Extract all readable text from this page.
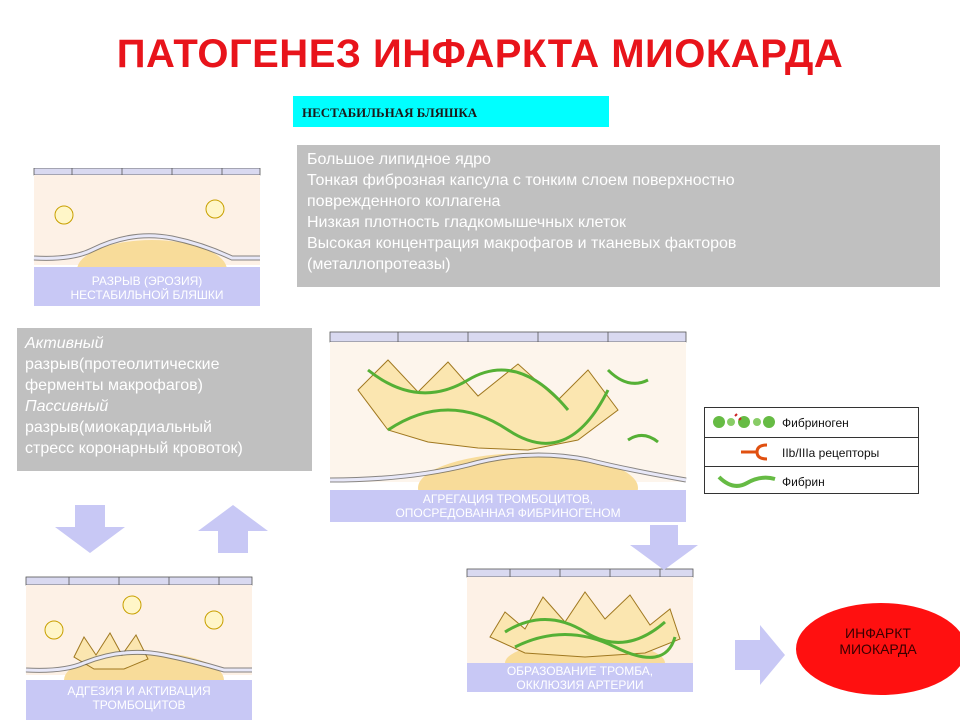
ПАТОГЕНЕЗ ИНФАРКТА МИОКАРДА
НЕСТАБИЛЬНАЯ БЛЯШКА
Большое липидное ядро
Тонкая фиброзная капсула с тонким слоем поверхностно
поврежденного коллагена
Низкая плотность гладкомышечных клеток
Высокая концентрация макрофагов и тканевых факторов
(металлопротеазы)
Активный
разрыв(протеолитические
ферменты макрофагов)
Пассивный
разрыв(миокардиальный
стресс коронарный кровоток)
РАЗРЫВ (ЭРОЗИЯ)
НЕСТАБИЛЬНОЙ БЛЯШКИ
АГРЕГАЦИЯ ТРОМБОЦИТОВ,
ОПОСРЕДОВАННАЯ ФИБРИНОГЕНОМ
АДГЕЗИЯ И АКТИВАЦИЯ
ТРОМБОЦИТОВ
ОБРАЗОВАНИЕ ТРОМБА,
ОККЛЮЗИЯ АРТЕРИИ
Фибриноген
IIb/IIIa рецепторы
Фибрин
ИНФАРКТ
МИОКАРДА
